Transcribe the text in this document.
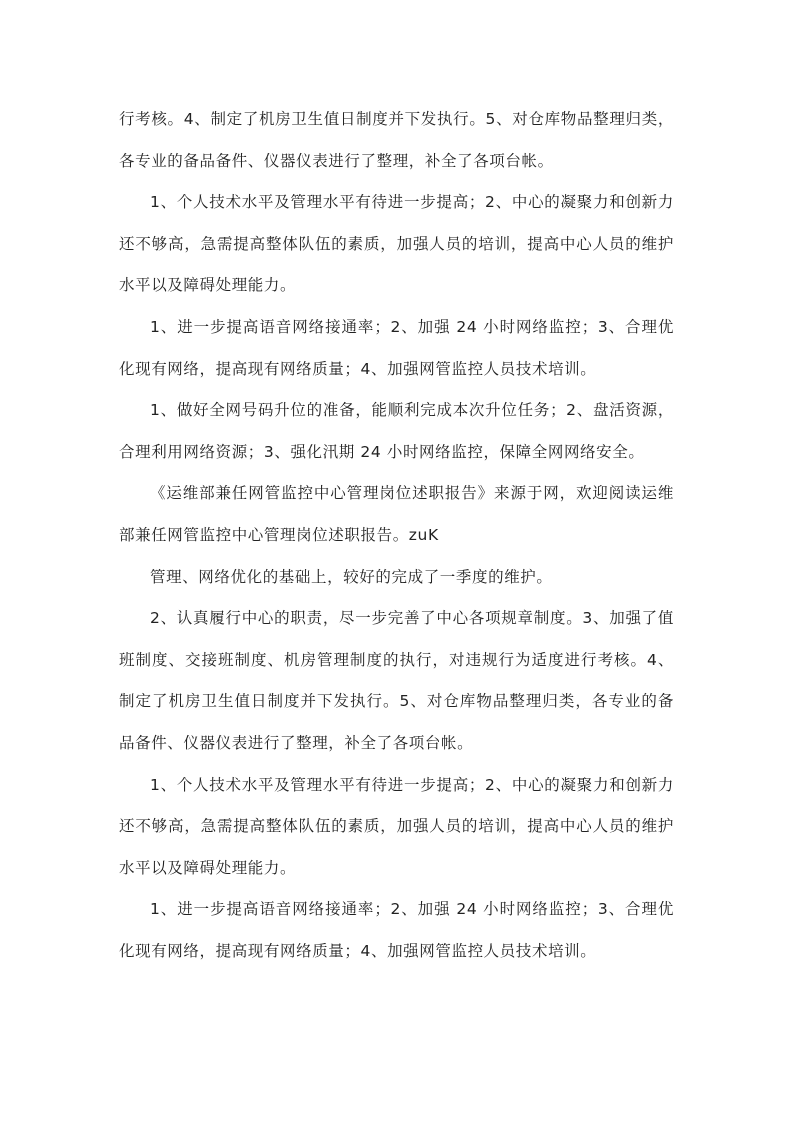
行考核。4、制定了机房卫生值日制度并下发执行。5、对仓库物品整理归类，各专业的备品备件、仪器仪表进行了整理，补全了各项台帐。

1、个人技术水平及管理水平有待进一步提高；2、中心的凝聚力和创新力还不够高，急需提高整体队伍的素质，加强人员的培训，提高中心人员的维护水平以及障碍处理能力。

1、进一步提高语音网络接通率；2、加强 24 小时网络监控；3、合理优化现有网络，提高现有网络质量；4、加强网管监控人员技术培训。

1、做好全网号码升位的准备，能顺利完成本次升位任务；2、盘活资源，合理利用网络资源；3、强化汛期 24 小时网络监控，保障全网网络安全。

《运维部兼任网管监控中心管理岗位述职报告》来源于网，欢迎阅读运维部兼任网管监控中心管理岗位述职报告。zuK

管理、网络优化的基础上，较好的完成了一季度的维护。

2、认真履行中心的职责，尽一步完善了中心各项规章制度。3、加强了值班制度、交接班制度、机房管理制度的执行，对违规行为适度进行考核。4、制定了机房卫生值日制度并下发执行。5、对仓库物品整理归类，各专业的备品备件、仪器仪表进行了整理，补全了各项台帐。

1、个人技术水平及管理水平有待进一步提高；2、中心的凝聚力和创新力还不够高，急需提高整体队伍的素质，加强人员的培训，提高中心人员的维护水平以及障碍处理能力。

1、进一步提高语音网络接通率；2、加强 24 小时网络监控；3、合理优化现有网络，提高现有网络质量；4、加强网管监控人员技术培训。
